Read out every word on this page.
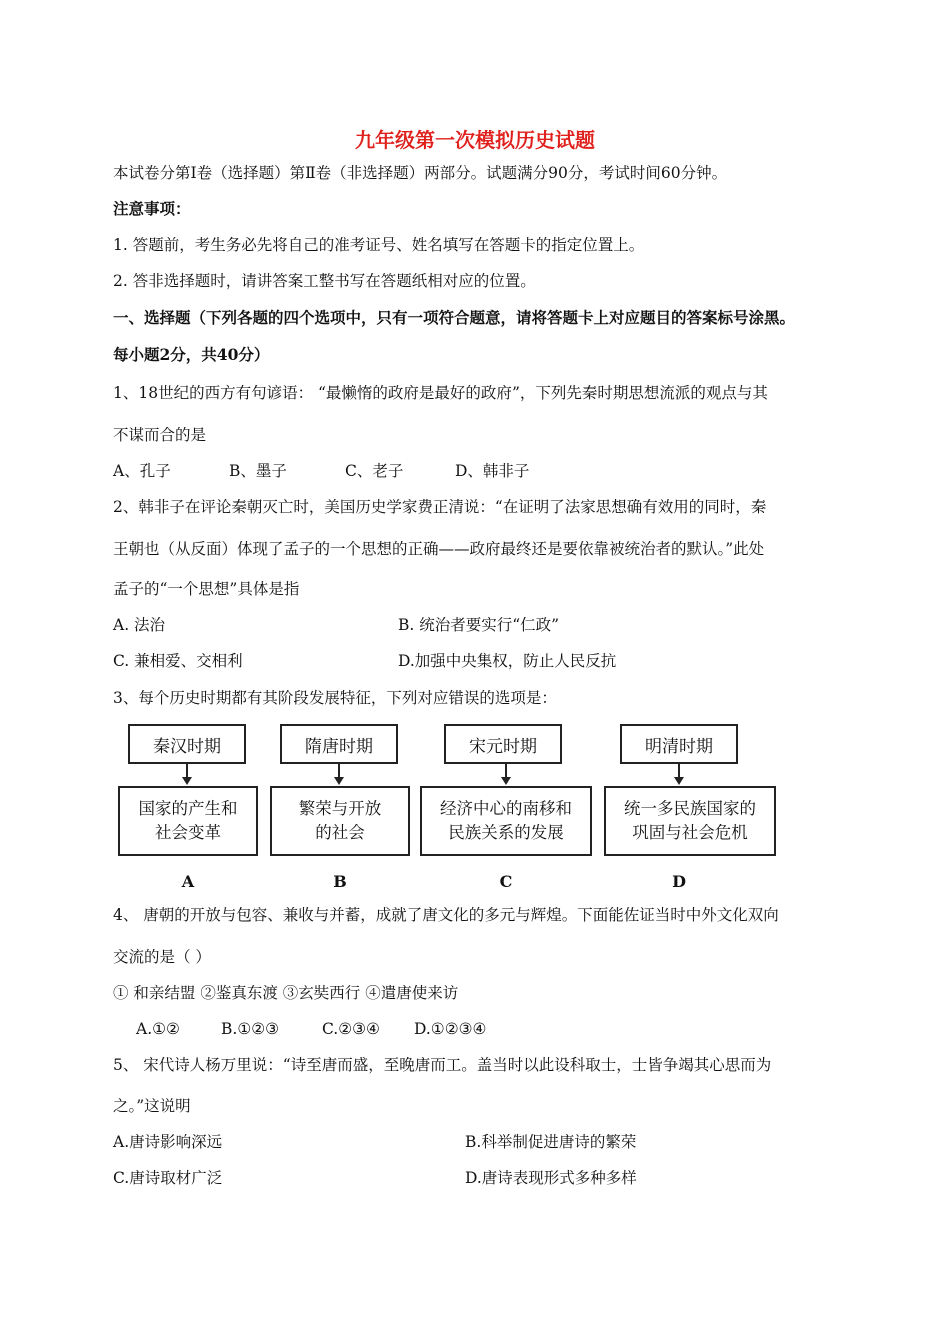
九年级第一次模拟历史试题
本试卷分第Ⅰ卷（选择题）第Ⅱ卷（非选择题）两部分。试题满分90分，考试时间60分钟。
注意事项：
1. 答题前，考生务必先将自己的准考证号、姓名填写在答题卡的指定位置上。
2. 答非选择题时，请讲答案工整书写在答题纸相对应的位置。
一、选择题（下列各题的四个选项中，只有一项符合题意，请将答题卡上对应题目的答案标号涂黑。
每小题2分，共40分）
1、18世纪的西方有句谚语： “最懒惰的政府是最好的政府”，下列先秦时期思想流派的观点与其
不谋而合的是
A、孔子	B、墨子	C、老子	D、韩非子
2、韩非子在评论秦朝灭亡时，美国历史学家费正清说：“在证明了法家思想确有效用的同时，秦
王朝也（从反面）体现了孟子的一个思想的正确——政府最终还是要依靠被统治者的默认。”此处
孟子的“一个思想”具体是指
A. 法治	B. 统治者要实行“仁政”
C. 兼相爱、交相利	D.加强中央集权，防止人民反抗
3、每个历史时期都有其阶段发展特征，下列对应错误的选项是：
秦汉时期
国家的产生和
社会变革
A
隋唐时期
繁荣与开放
的社会
B
宋元时期
经济中心的南移和
民族关系的发展
C
明清时期
统一多民族国家的
巩固与社会危机
D
4、 唐朝的开放与包容、兼收与并蓄，成就了唐文化的多元与辉煌。下面能佐证当时中外文化双向
交流的是（ ）
① 和亲结盟 ②鉴真东渡 ③玄奘西行 ④遣唐使来访
A.①②	B.①②③	C.②③④ D.①②③④
5、 宋代诗人杨万里说：“诗至唐而盛，至晚唐而工。盖当时以此设科取士，士皆争竭其心思而为
之。”这说明
A.唐诗影响深远	B.科举制促进唐诗的繁荣
C.唐诗取材广泛	D.唐诗表现形式多种多样
